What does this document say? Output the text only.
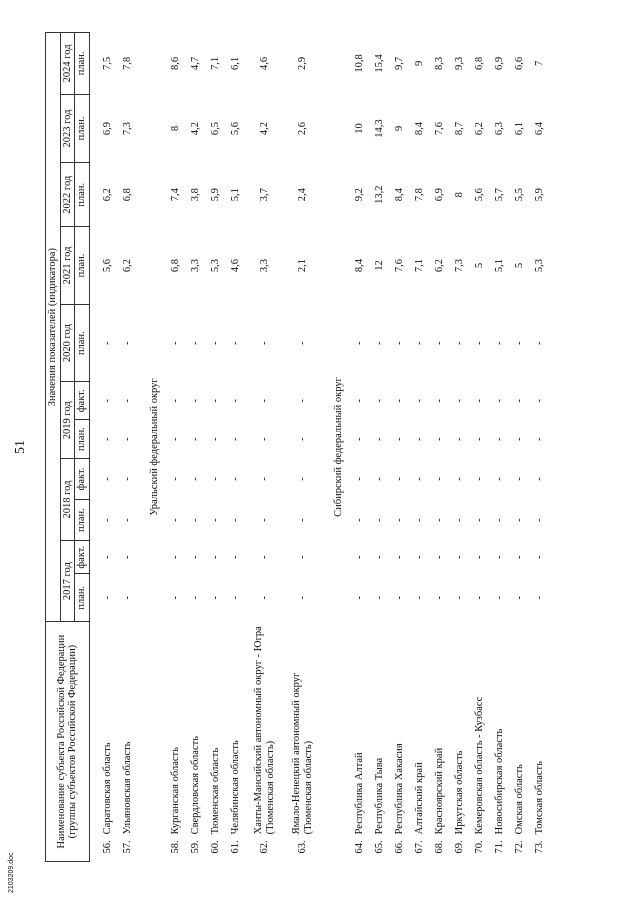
51
Наименование субъекта Российской Федерации (группы субъектов Российской Федерации)		Значения показателей (индикатора)										
		2017 год		2018 год		2019 год		2020 год	2021 год	2022 год	2023 год	2024 год
		план.	факт.	план.	факт.	план.	факт.	план.	план.	план.	план.	план.

56.	Саратовская область	-	-	-	-	-	-	-	5,6	6,2	6,9	7,5
57.	Ульяновская область	-	-	-	-	-	-	-	6,2	6,8	7,3	7,8

Уральский федеральный округ												
58.	Курганская область	-	-	-	-	-	-	-	6,8	7,4	8	8,6
59.	Свердловская область	-	-	-	-	-	-	-	3,3	3,8	4,2	4,7
60.	Тюменская область	-	-	-	-	-	-	-	5,3	5,9	6,5	7,1
61.	Челябинская область	-	-	-	-	-	-	-	4,6	5,1	5,6	6,1
62.	Ханты-Мансийский автономный округ - Югра (Тюменская область)	-	-	-	-	-	-	-	3,3	3,7	4,2	4,6
63.	Ямало-Ненецкий автономный округ (Тюменская область)	-	-	-	-	-	-	-	2,1	2,4	2,6	2,9

Сибирский федеральный округ												
64.	Республика Алтай	-	-	-	-	-	-	-	8,4	9,2	10	10,8
65.	Республика Тыва	-	-	-	-	-	-	-	12	13,2	14,3	15,4
66.	Республика Хакасия	-	-	-	-	-	-	-	7,6	8,4	9	9,7
67.	Алтайский край	-	-	-	-	-	-	-	7,1	7,8	8,4	9
68.	Красноярский край	-	-	-	-	-	-	-	6,2	6,9	7,6	8,3
69.	Иркутская область	-	-	-	-	-	-	-	7,3	8	8,7	9,3
70.	Кемеровская область - Кузбасс	-	-	-	-	-	-	-	5	5,6	6,2	6,8
71.	Новосибирская область	-	-	-	-	-	-	-	5,1	5,7	6,3	6,9
72.	Омская область	-	-	-	-	-	-	-	5	5,5	6,1	6,6
73.	Томская область	-	-	-	-	-	-	-	5,3	5,9	6,4	7
2103209.doc
